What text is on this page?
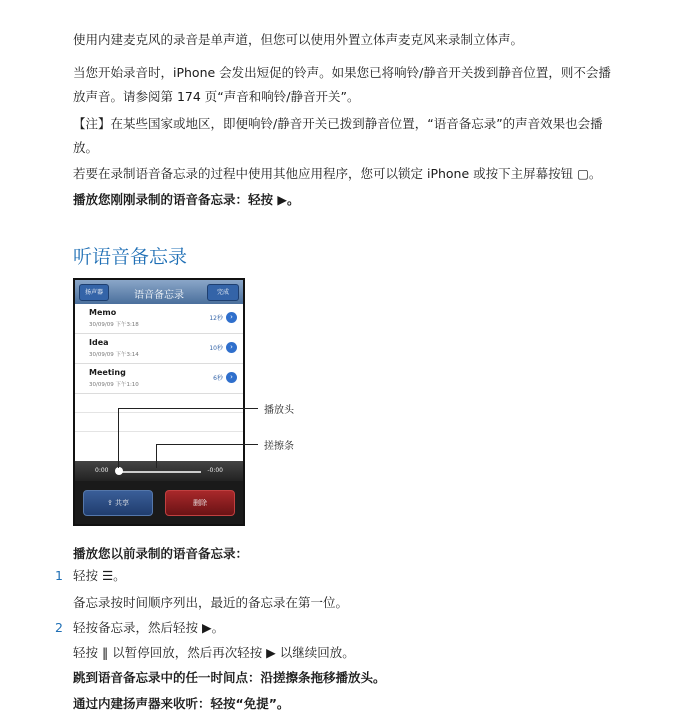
使用内建麦克风的录音是单声道，但您可以使用外置立体声麦克风来录制立体声。
当您开始录音时，iPhone 会发出短促的铃声。如果您已将响铃/静音开关拨到静音位置，则不会播放声音。请参阅第 174 页“声音和响铃/静音开关”。
【注】在某些国家或地区，即便响铃/静音开关已拨到静音位置，“语音备忘录”的声音效果也会播放。
若要在录制语音备忘录的过程中使用其他应用程序，您可以锁定 iPhone 或按下主屏幕按钮 ▢。
播放您刚刚录制的语音备忘录：轻按 ▶。
听语音备忘录
扬声器	语音备忘录	完成
Memo
30/09/09 下午3:18
12秒	›
Idea
30/09/09 下午3:14
10秒	›
Meeting
30/09/09 下午1:10
6秒	›
0:00	-0:00
⇪ 共享	删除
播放头
搓擦条
播放您以前录制的语音备忘录：
1 轻按 ☰。
备忘录按时间顺序列出，最近的备忘录在第一位。
2 轻按备忘录，然后轻按 ▶。
轻按 ‖ 以暂停回放，然后再次轻按 ▶ 以继续回放。
跳到语音备忘录中的任一时间点：沿搓擦条拖移播放头。
通过内建扬声器来收听：轻按“免提”。
